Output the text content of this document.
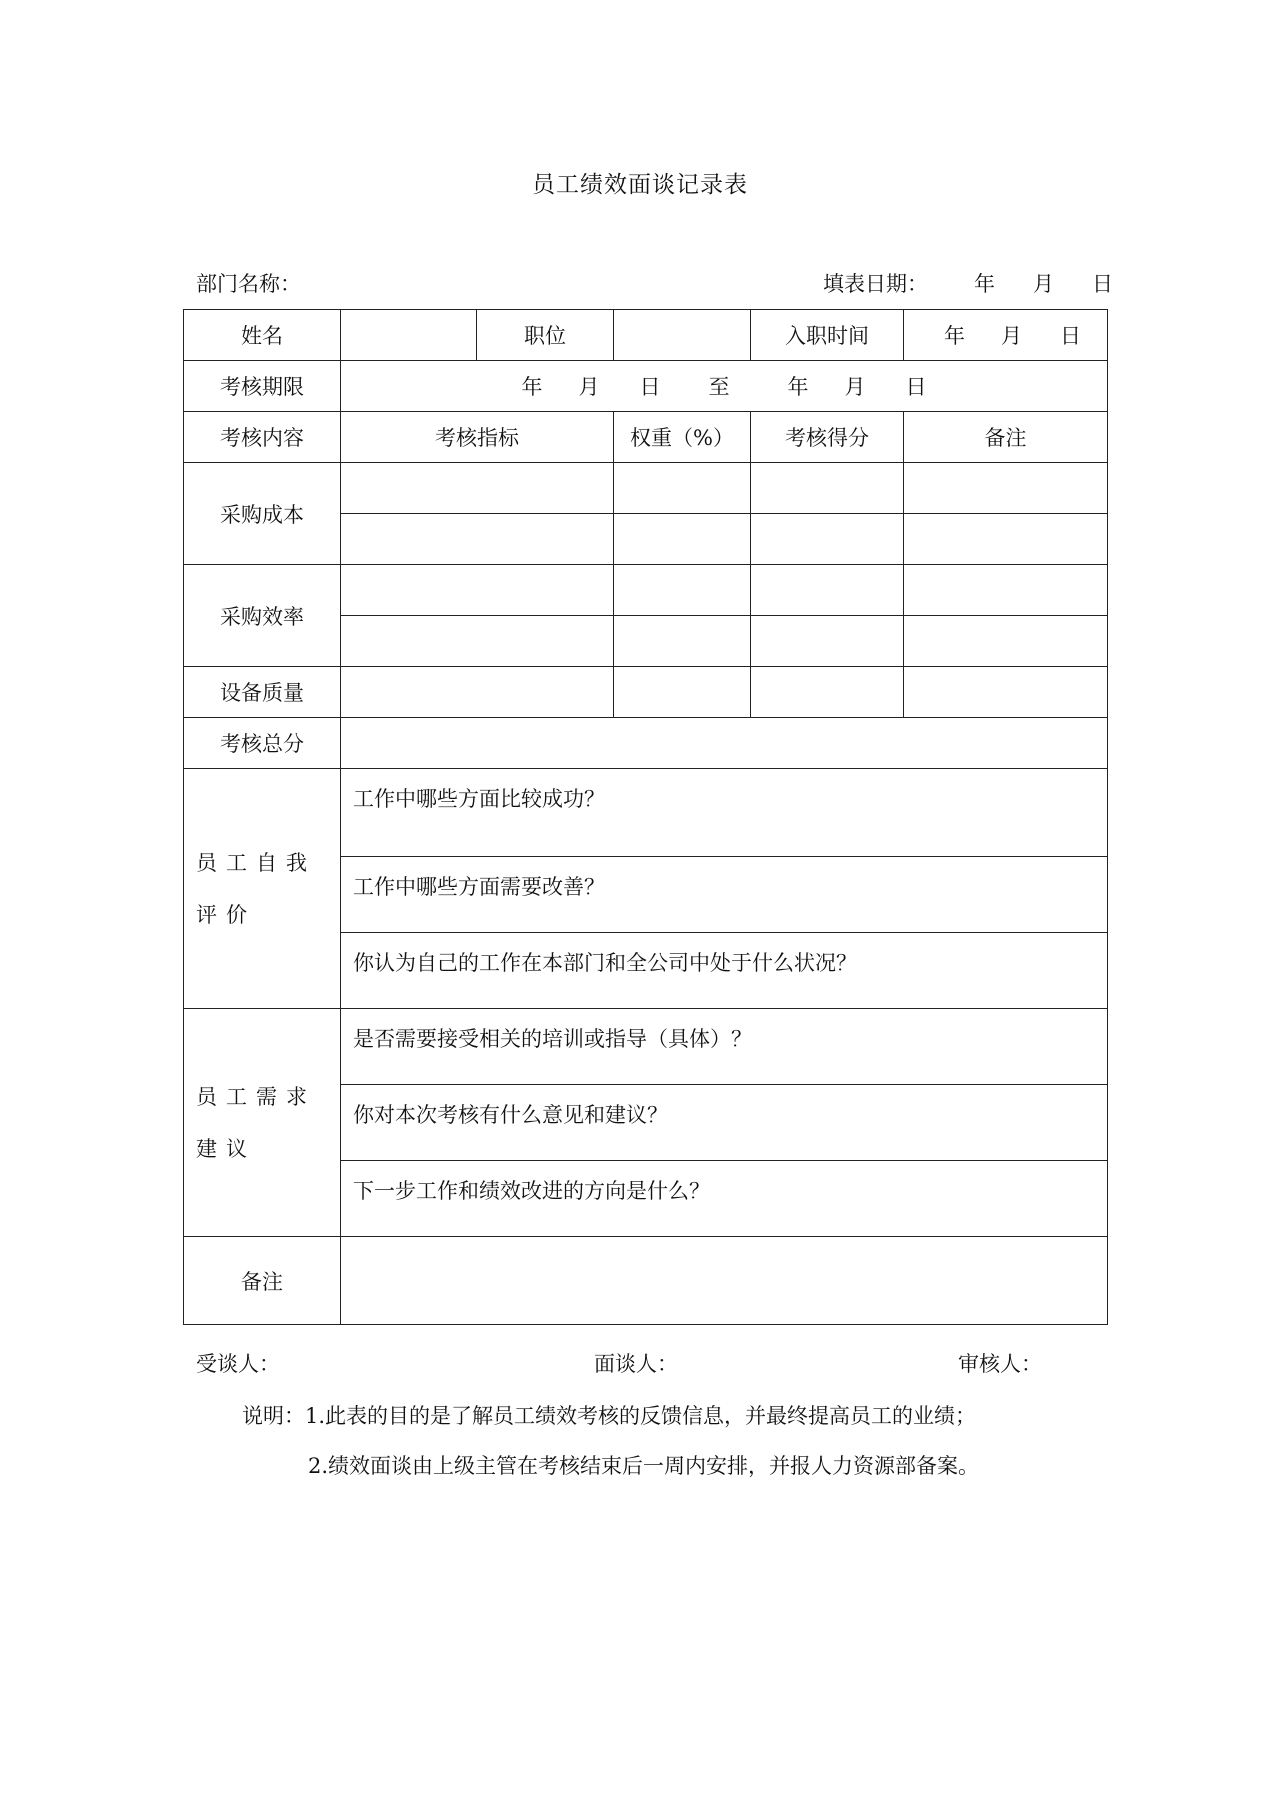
员工绩效面谈记录表
部门名称：	填表日期： 年 月 日
姓名		职位		入职时间	年 月 日
考核期限	年 月 日 至 年 月 日				
考核内容	考核指标		权重（%）	考核得分	备注
采购成本					

采购效率					

设备质量					
考核总分					
员工自我评价	工作中哪些方面比较成功？				
	工作中哪些方面需要改善？				
	你认为自己的工作在本部门和全公司中处于什么状况？				
员工需求建议	是否需要接受相关的培训或指导（具体）？				
	你对本次考核有什么意见和建议？				
	下一步工作和绩效改进的方向是什么？				
备注					
受谈人：	面谈人：	审核人：
说明：1.此表的目的是了解员工绩效考核的反馈信息，并最终提高员工的业绩；
2.绩效面谈由上级主管在考核结束后一周内安排，并报人力资源部备案。
